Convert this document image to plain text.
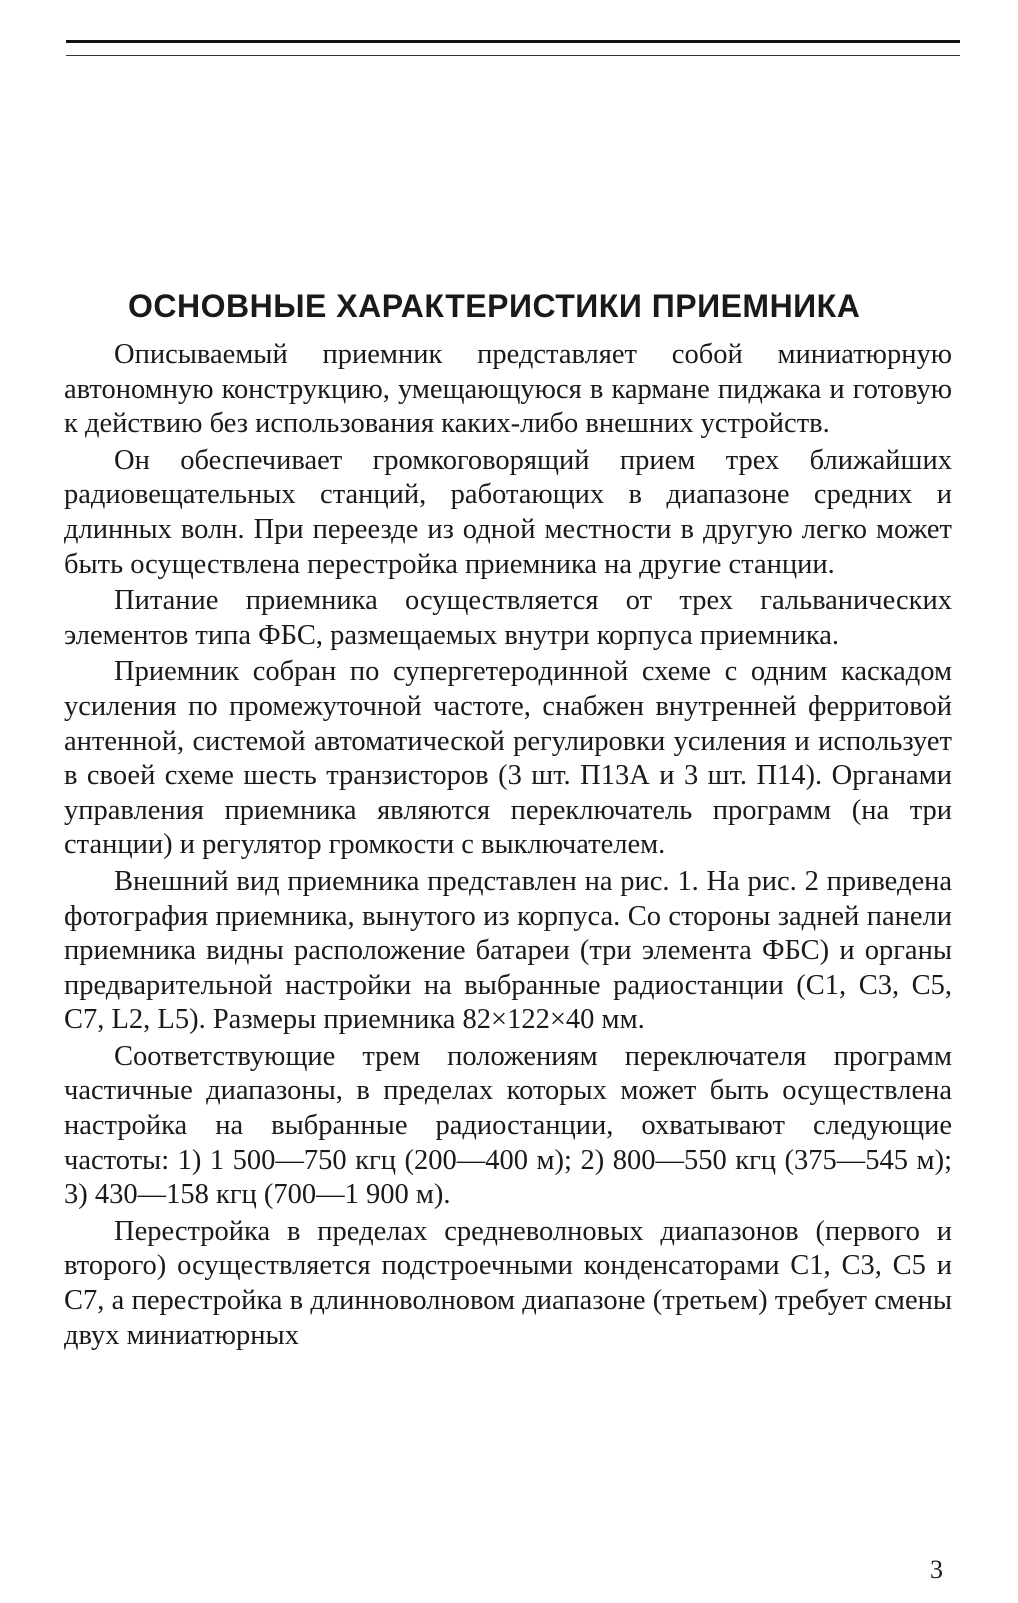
ОСНОВНЫЕ ХАРАКТЕРИСТИКИ ПРИЕМНИКА

Описываемый приемник представляет собой миниатюрную автономную конструкцию, умещающуюся в кармане пиджака и готовую к действию без использования каких-либо внешних устройств.

Он обеспечивает громкоговорящий прием трех ближайших радиовещательных станций, работающих в диапазоне средних и длинных волн. При переезде из одной местности в другую легко может быть осуществлена перестройка приемника на другие станции.

Питание приемника осуществляется от трех гальванических элементов типа ФБС, размещаемых внутри корпуса приемника.

Приемник собран по супергетеродинной схеме с одним каскадом усиления по промежуточной частоте, снабжен внутренней ферритовой антенной, системой автоматической регулировки усиления и использует в своей схеме шесть транзисторов (3 шт. П13А и 3 шт. П14). Органами управления приемника являются переключатель программ (на три станции) и регулятор громкости с выключателем.

Внешний вид приемника представлен на рис. 1. На рис. 2 приведена фотография приемника, вынутого из корпуса. Со стороны задней панели приемника видны расположение батареи (три элемента ФБС) и органы предварительной настройки на выбранные радиостанции (C1, C3, C5, C7, L2, L5). Размеры приемника 82×122×40 мм.

Соответствующие трем положениям переключателя программ частичные диапазоны, в пределах которых может быть осуществлена настройка на выбранные радиостанции, охватывают следующие частоты: 1) 1 500—750 кгц (200—400 м); 2) 800—550 кгц (375—545 м); 3) 430—158 кгц (700—1 900 м).

Перестройка в пределах средневолновых диапазонов (первого и второго) осуществляется подстроечными конденсаторами C1, C3, C5 и C7, а перестройка в длинноволновом диапазоне (третьем) требует смены двух миниатюрных

3
